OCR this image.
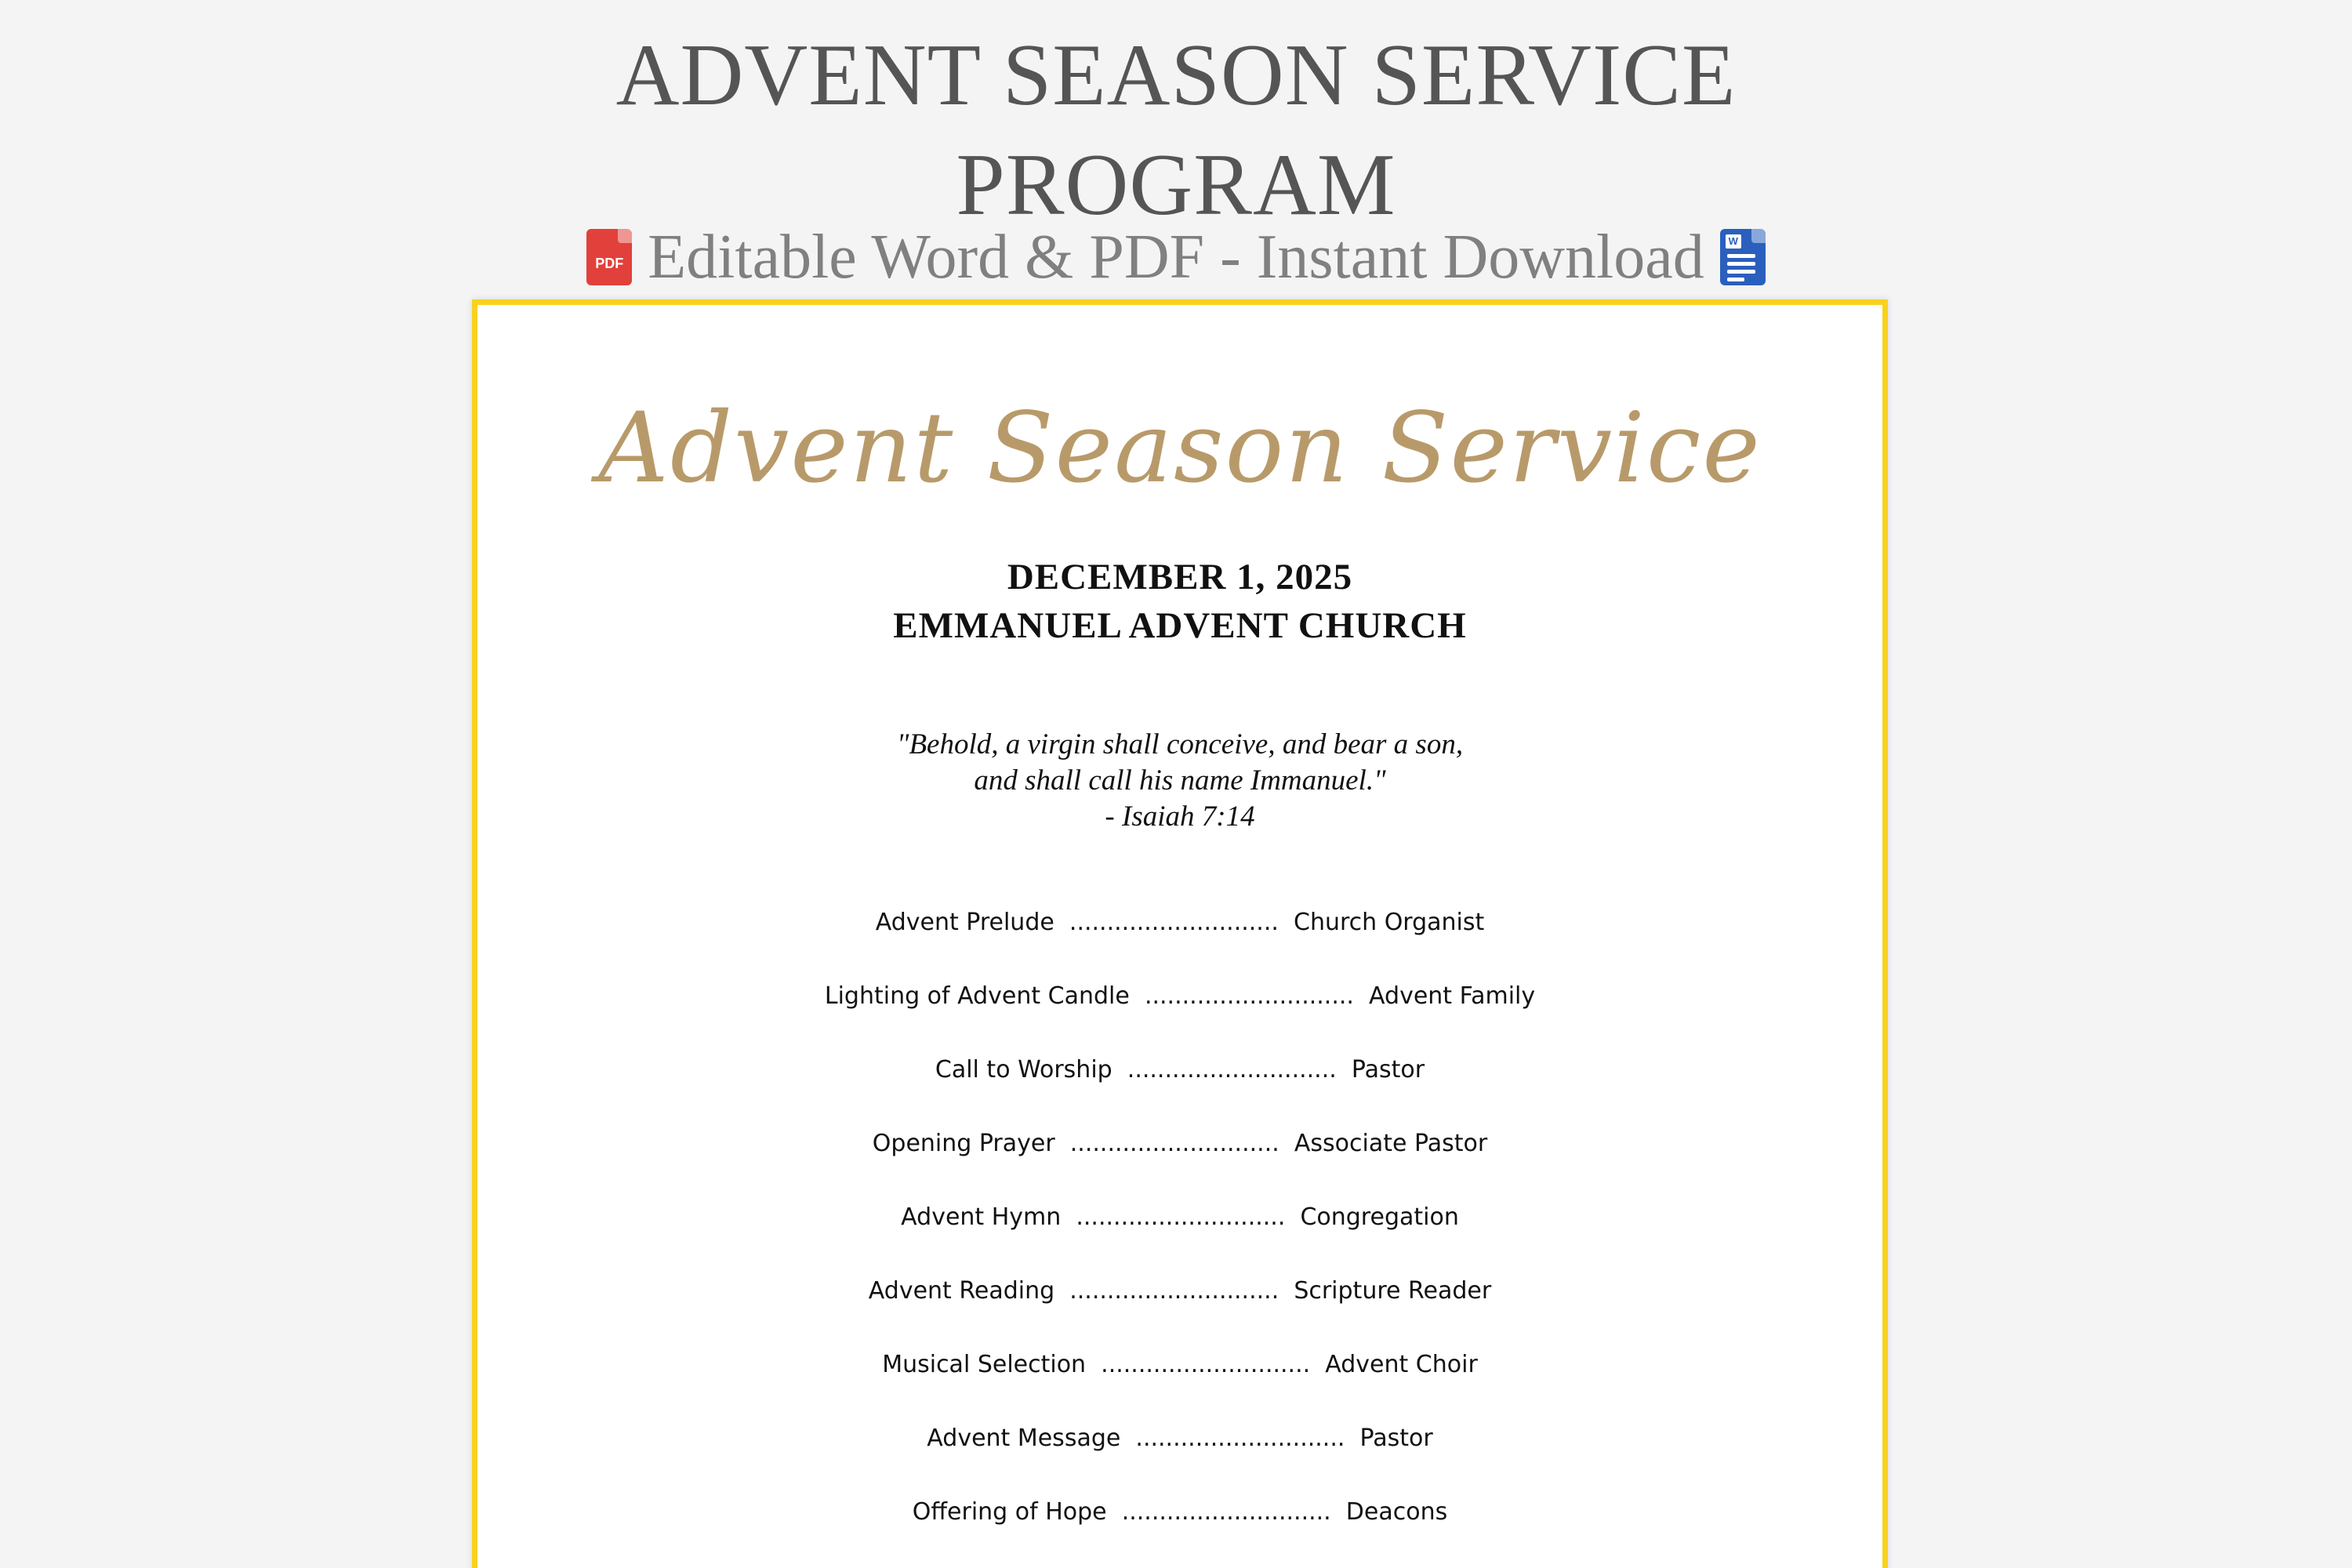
ADVENT SEASON SERVICE
PROGRAM
PDF Editable Word & PDF - Instant Download W
Advent Season Service
DECEMBER 1, 2025
EMMANUEL ADVENT CHURCH
"Behold, a virgin shall conceive, and bear a son,
and shall call his name Immanuel."
- Isaiah 7:14
Advent Prelude ............................ Church Organist
Lighting of Advent Candle ............................ Advent Family
Call to Worship ............................ Pastor
Opening Prayer ............................ Associate Pastor
Advent Hymn ............................ Congregation
Advent Reading ............................ Scripture Reader
Musical Selection ............................ Advent Choir
Advent Message ............................ Pastor
Offering of Hope ............................ Deacons
